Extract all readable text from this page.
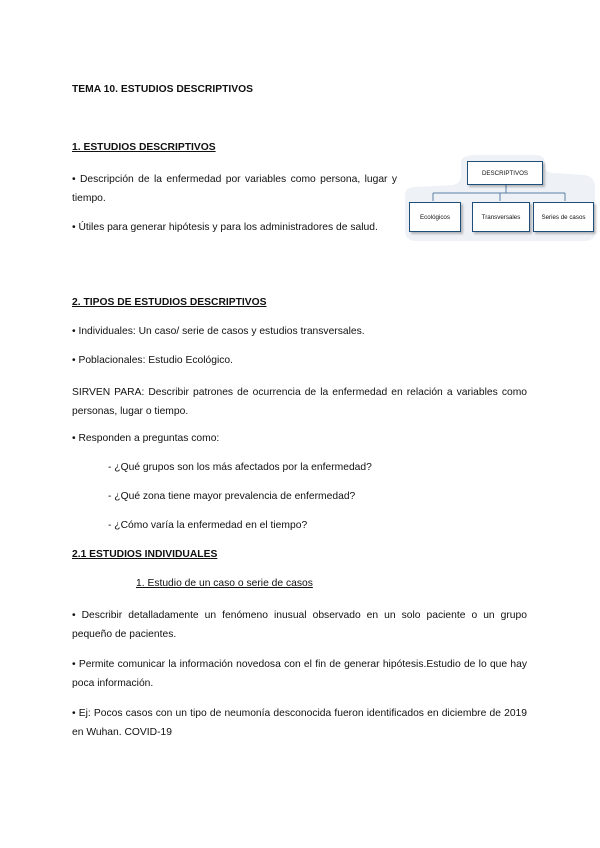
TEMA 10. ESTUDIOS DESCRIPTIVOS
1. ESTUDIOS DESCRIPTIVOS
• Descripción de la enfermedad por variables como persona, lugar y tiempo.
• Útiles para generar hipótesis y para los administradores de salud.
DESCRIPTIVOS
Ecológicos	Transversales	Series de casos
2. TIPOS DE ESTUDIOS DESCRIPTIVOS
• Individuales: Un caso/ serie de casos y estudios transversales.
• Poblacionales: Estudio Ecológico.
SIRVEN PARA: Describir patrones de ocurrencia de la enfermedad en relación a variables como personas, lugar o tiempo.
• Responden a preguntas como:
- ¿Qué grupos son los más afectados por la enfermedad?
- ¿Qué zona tiene mayor prevalencia de enfermedad?
- ¿Cómo varía la enfermedad en el tiempo?
2.1 ESTUDIOS INDIVIDUALES
1. Estudio de un caso o serie de casos
• Describir detalladamente un fenómeno inusual observado en un solo paciente o un grupo pequeño de pacientes.
• Permite comunicar la información novedosa con el fin de generar hipótesis.Estudio de lo que hay poca información.
• Ej: Pocos casos con un tipo de neumonía desconocida fueron identificados en diciembre de 2019 en Wuhan. COVID-19
